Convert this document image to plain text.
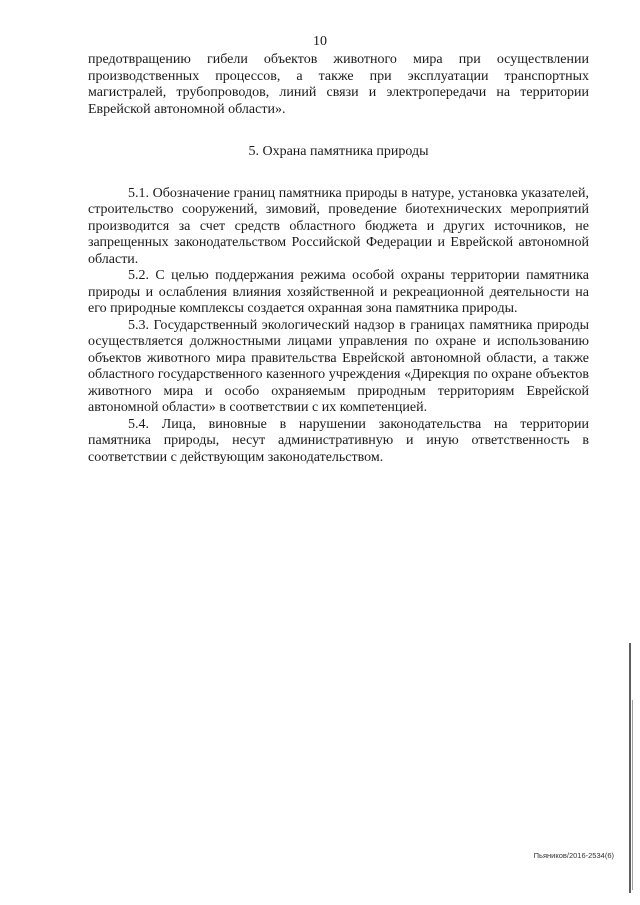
10

предотвращению гибели объектов животного мира при осуществлении производственных процессов, а также при эксплуатации транспортных магистралей, трубопроводов, линий связи и электропередачи на территории Еврейской автономной области».

5. Охрана памятника природы

5.1. Обозначение границ памятника природы в натуре, установка указателей, строительство сооружений, зимовий, проведение биотехнических мероприятий производится за счет средств областного бюджета и других источников, не запрещенных законодательством Российской Федерации и Еврейской автономной области.

5.2. С целью поддержания режима особой охраны территории памятника природы и ослабления влияния хозяйственной и рекреационной деятельности на его природные комплексы создается охранная зона памятника природы.

5.3. Государственный экологический надзор в границах памятника природы осуществляется должностными лицами управления по охране и использованию объектов животного мира правительства Еврейской автономной области, а также областного государственного казенного учреждения «Дирекция по охране объектов животного мира и особо охраняемым природным территориям Еврейской автономной области» в соответствии с их компетенцией.

5.4. Лица, виновные в нарушении законодательства на территории памятника природы, несут административную и иную ответственность в соответствии с действующим законодательством.

Пьяников/2016-2534(6)
